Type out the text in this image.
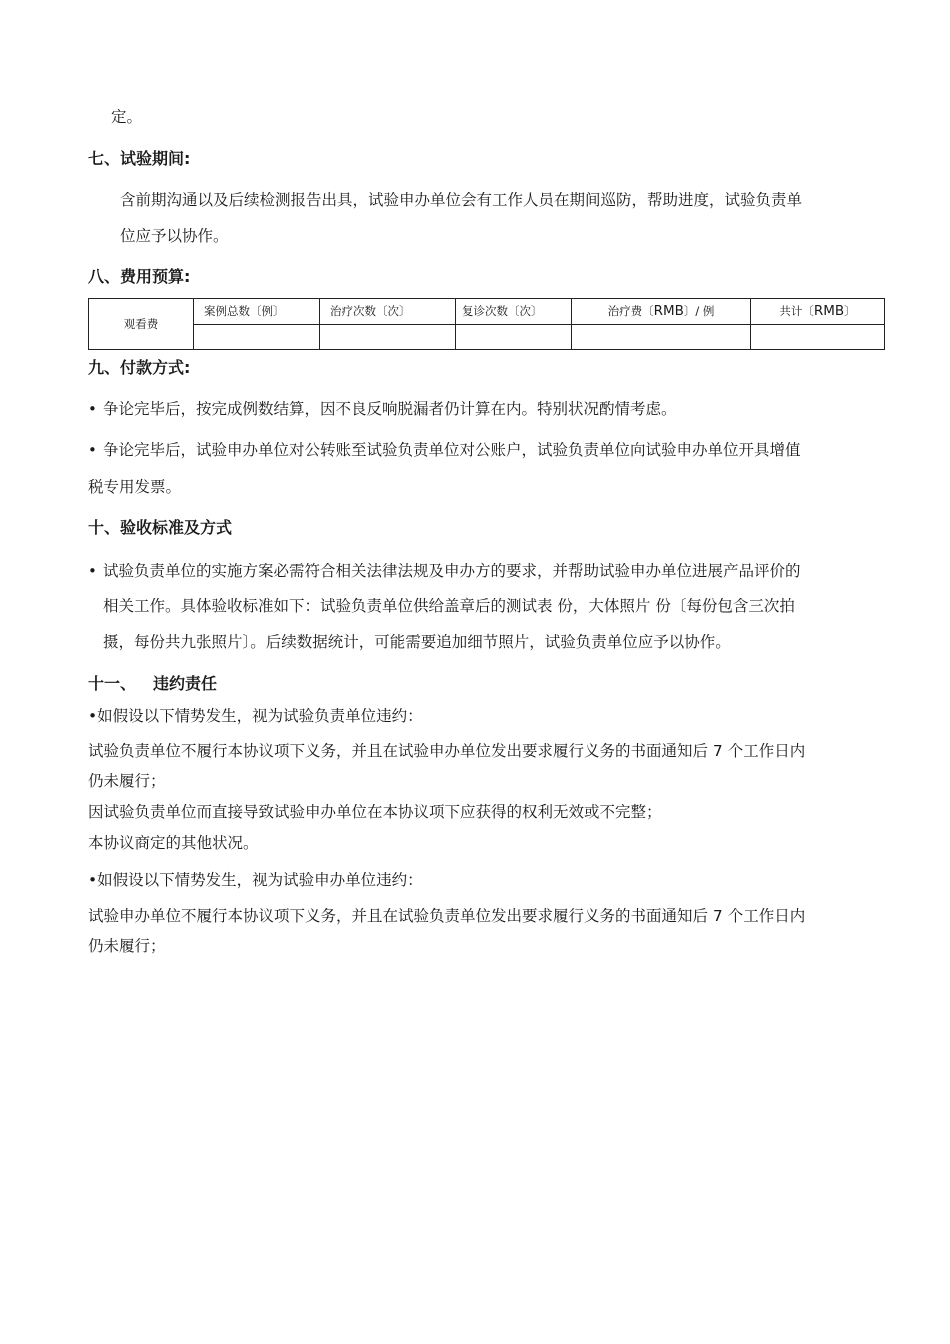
定。
七、试验期间:
含前期沟通以及后续检测报告出具，试验申办单位会有工作人员在期间巡防，帮助进度，试验负责单
位应予以协作。
八、费用预算:
观看费	案例总数〔例〕	治疗次数〔次〕	复诊次数〔次〕	治疗费〔RMB〕/ 例	共计〔RMB〕

九、付款方式:
• 争论完毕后，按完成例数结算，因不良反响脱漏者仍计算在内。特别状况酌情考虑。
• 争论完毕后，试验申办单位对公转账至试验负责单位对公账户，试验负责单位向试验申办单位开具增值
税专用发票。
十、验收标准及方式
• 试验负责单位的实施方案必需符合相关法律法规及申办方的要求，并帮助试验申办单位进展产品评价的
相关工作。具体验收标准如下：试验负责单位供给盖章后的测试表 份，大体照片 份〔每份包含三次拍
摄，每份共九张照片〕。后续数据统计，可能需要追加细节照片，试验负责单位应予以协作。
十一、 违约责任
•如假设以下情势发生，视为试验负责单位违约：
试验负责单位不履行本协议项下义务，并且在试验申办单位发出要求履行义务的书面通知后 7 个工作日内
仍未履行；
因试验负责单位而直接导致试验申办单位在本协议项下应获得的权利无效或不完整；
本协议商定的其他状况。
•如假设以下情势发生，视为试验申办单位违约：
试验申办单位不履行本协议项下义务，并且在试验负责单位发出要求履行义务的书面通知后 7 个工作日内
仍未履行；
